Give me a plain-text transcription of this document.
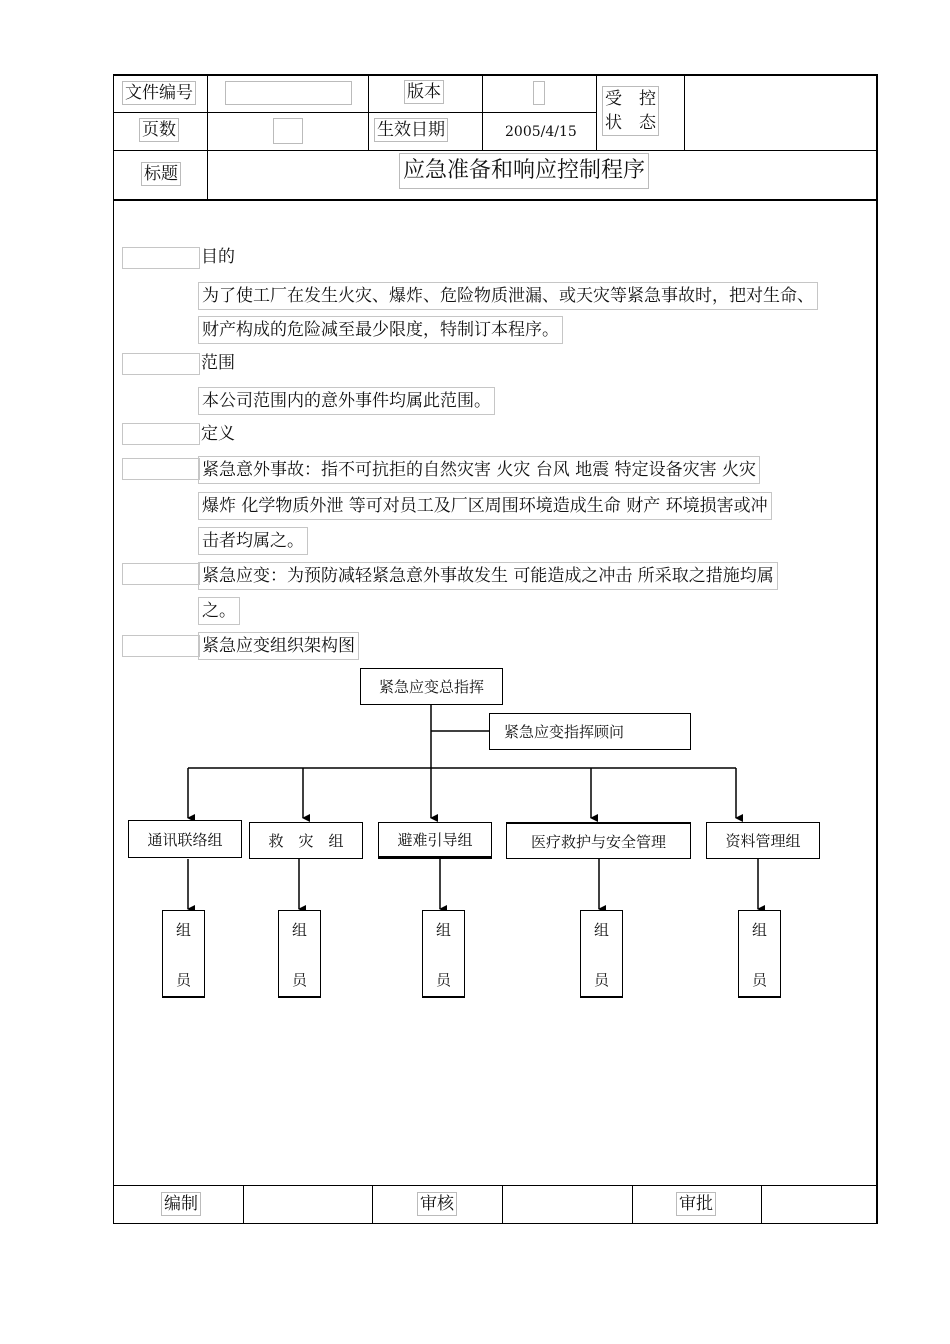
文件编号	版本	受　控
状　态
页数	生效日期	2005/4/15
标题	应急准备和响应控制程序
目的
为了使工厂在发生火灾、爆炸、危险物质泄漏、或天灾等紧急事故时，把对生命、
财产构成的危险减至最少限度，特制订本程序。
范围
本公司范围内的意外事件均属此范围。
定义
紧急意外事故：指不可抗拒的自然灾害 火灾 台风 地震 特定设备灾害 火灾
爆炸 化学物质外泄 等可对员工及厂区周围环境造成生命 财产 环境损害或冲
击者均属之。
紧急应变：为预防减轻紧急意外事故发生 可能造成之冲击 所采取之措施均属
之。
紧急应变组织架构图
紧急应变总指挥
紧急应变指挥顾问
通讯联络组	救　灾　组	避难引导组	医疗救护与安全管理	资料管理组
组
员
组
员
组
员
组
员
组
员
编制	审核	审批
